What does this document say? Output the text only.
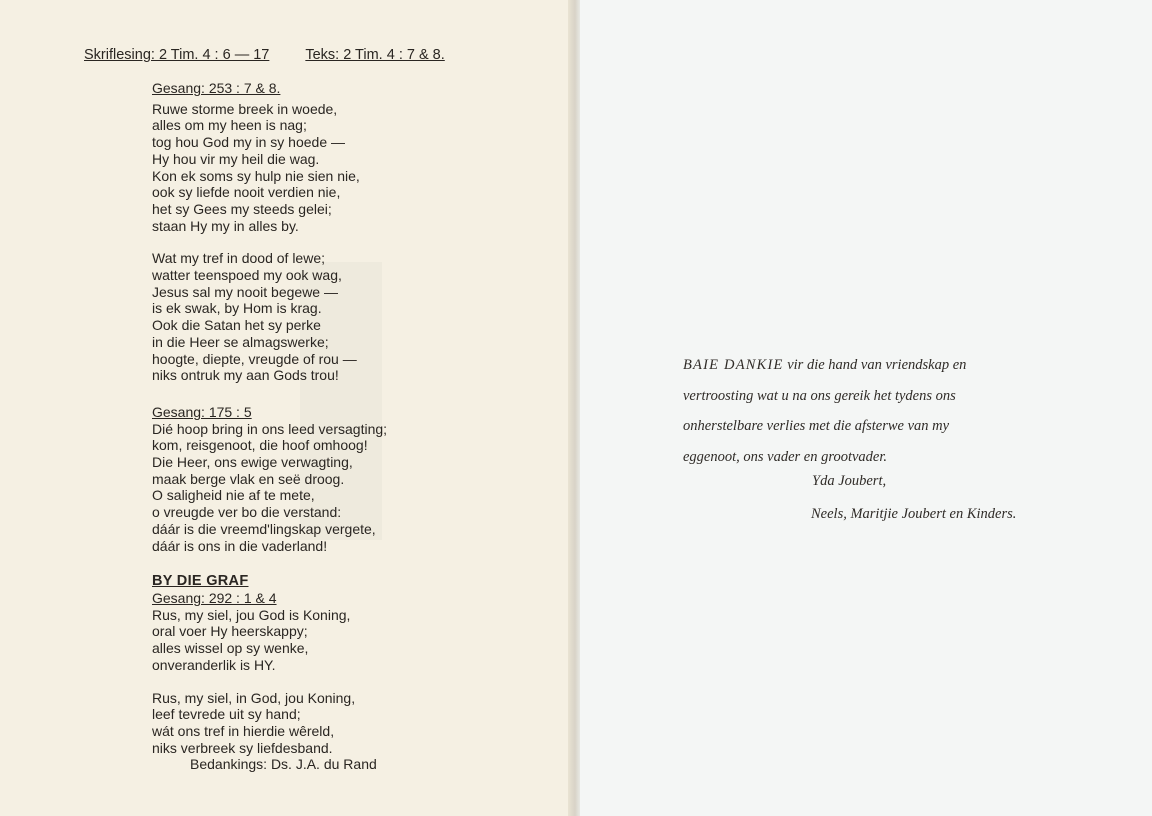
Skriflesing: 2 Tim. 4 : 6 — 17 Teks: 2 Tim. 4 : 7 & 8.
Gesang: 253 : 7 & 8.
Ruwe storme breek in woede,
alles om my heen is nag;
tog hou God my in sy hoede —
Hy hou vir my heil die wag.
Kon ek soms sy hulp nie sien nie,
ook sy liefde nooit verdien nie,
het sy Gees my steeds gelei;
staan Hy my in alles by.
Wat my tref in dood of lewe;
watter teenspoed my ook wag,
Jesus sal my nooit begewe —
is ek swak, by Hom is krag.
Ook die Satan het sy perke
in die Heer se almagswerke;
hoogte, diepte, vreugde of rou —
niks ontruk my aan Gods trou!
Gesang: 175 : 5
Dié hoop bring in ons leed versagting;
kom, reisgenoot, die hoof omhoog!
Die Heer, ons ewige verwagting,
maak berge vlak en seë droog.
O saligheid nie af te mete,
o vreugde ver bo die verstand:
dáár is die vreemd'lingskap vergete,
dáár is ons in die vaderland!
BY DIE GRAF
Gesang: 292 : 1 & 4
Rus, my siel, jou God is Koning,
oral voer Hy heerskappy;
alles wissel op sy wenke,
onveranderlik is HY.
Rus, my siel, in God, jou Koning,
leef tevrede uit sy hand;
wát ons tref in hierdie wêreld,
niks verbreek sy liefdesband.
Bedankings: Ds. J.A. du Rand

BAIE DANKIE vir die hand van vriendskap en

vertroosting wat u na ons gereik het tydens ons

onherstelbare verlies met die afsterwe van my

eggenoot, ons vader en grootvader.

Yda Joubert,
Neels, Maritjie Joubert en Kinders.
